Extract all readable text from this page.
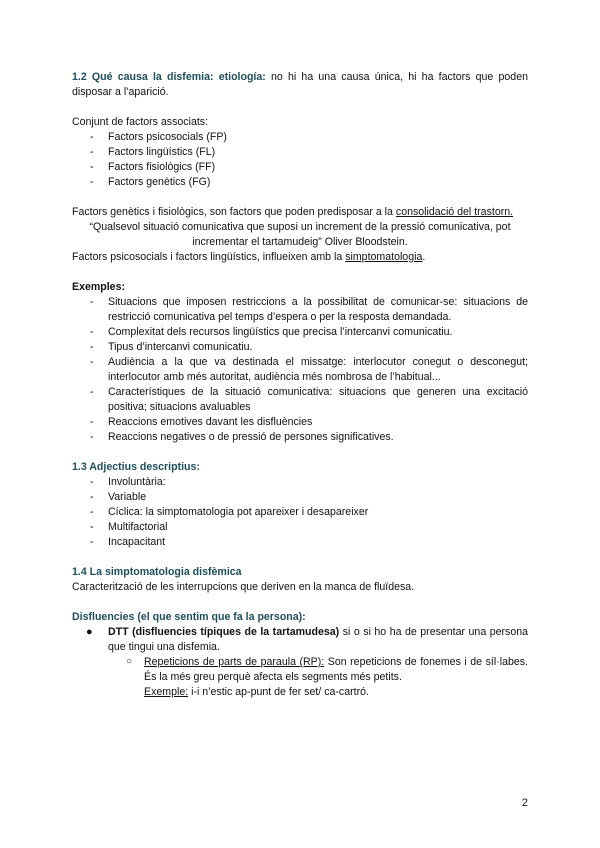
1.2 Qué causa la disfemia: etiología: no hi ha una causa única, hi ha factors que poden disposar a l’aparició.

Conjunt de factors associats:

- Factors psicosocials (FP)
- Factors lingüístics (FL)
- Factors fisiològics (FF)
- Factors genètics (FG)

Factors genètics i fisiològics, son factors que poden predisposar a la consolidació del trastorn.

“Qualsevol situació comunicativa que suposi un increment de la pressió comunicativa, pot

incrementar el tartamudeig” Oliver Bloodstein.

Factors psicosocials i factors lingüístics, influeixen amb la simptomatologia.

Exemples:

- Situacions que imposen restriccions a la possibilitat de comunicar-se: situacions de restricció comunicativa pel temps d’espera o per la resposta demandada.
- Complexitat dels recursos lingüístics que precisa l’intercanvi comunicatiu.
- Tipus d’intercanvi comunicatiu.
- Audiència a la que va destinada el missatge: interlocutor conegut o desconegut; interlocutor amb més autoritat, audiència més nombrosa de l’habitual...
- Característiques de la situació comunicativa: situacions que generen una excitació positiva; situacions avaluables
- Reaccions emotives davant les disfluències
- Reaccions negatives o de pressió de persones significatives.

1.3 Adjectius descriptius:

- Involuntària:
- Variable
- Cíclica: la simptomatologia pot apareixer i desapareixer
- Multifactorial
- Incapacitant

1.4 La simptomatologia disfèmica

Caracterització de les interrupcions que deriven en la manca de fluïdesa.

Disfluencies (el que sentim que fa la persona):

● DTT (disfluencies típiques de la tartamudesa) si o si ho ha de presentar una persona que tingui una disfemia.
○ Repeticions de parts de paraula (RP): Son repeticions de fonemes i de síl·labes. És la més greu perquè afecta els segments més petits.
Exemple: i-i n’estic ap-punt de fer set/ ca-cartró.
2
